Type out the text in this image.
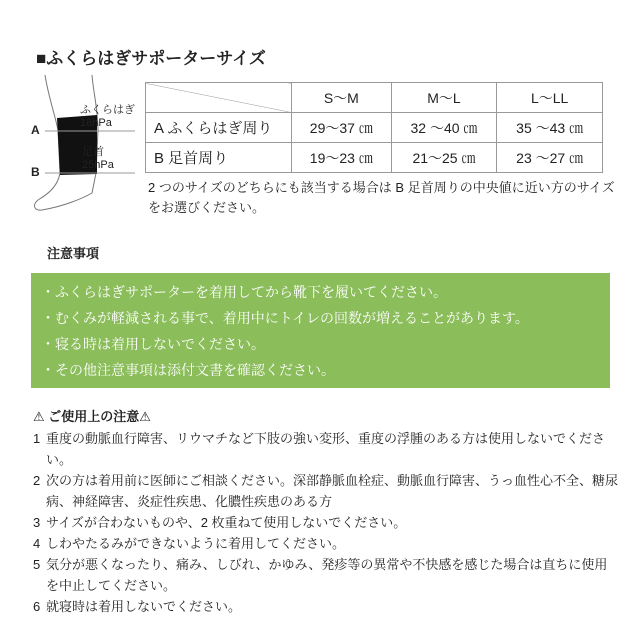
■ふくらはぎサポーターサイズ
A
B
ふくらはぎ
18hPa
足首
25hPa
	S～M	M～L	L～LL
A ふくらはぎ周り	29～37 ㎝	32 ～40 ㎝	35 ～43 ㎝
B 足首周り	19～23 ㎝	21～25 ㎝	23 ～27 ㎝
2 つのサイズのどちらにも該当する場合は B 足首周りの中央値に近い方のサイズをお選びください。
注意事項
・ふくらはぎサポーターを着用してから靴下を履いてください。
・むくみが軽減される事で、着用中にトイレの回数が増えることがあります。
・寝る時は着用しないでください。
・その他注意事項は添付文書を確認ください。
⚠ ご使用上の注意⚠
1 重度の動脈血行障害、リウマチなど下肢の強い変形、重度の浮腫のある方は使用しないでください。
2 次の方は着用前に医師にご相談ください。深部静脈血栓症、動脈血行障害、うっ血性心不全、糖尿病、神経障害、炎症性疾患、化膿性疾患のある方
3 サイズが合わないものや、2 枚重ねて使用しないでください。
4 しわやたるみができないように着用してください。
5 気分が悪くなったり、痛み、しびれ、かゆみ、発疹等の異常や不快感を感じた場合は直ちに使用を中止してください。
6 就寝時は着用しないでください。
